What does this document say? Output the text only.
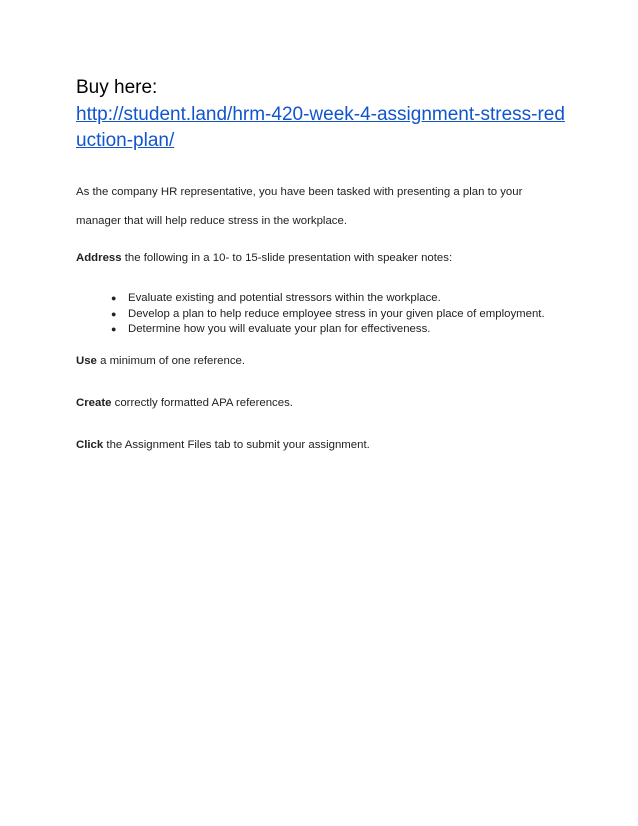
Buy here:
http://student.land/hrm-420-week-4-assignment-stress-reduction-plan/

As the company HR representative, you have been tasked with presenting a plan to your manager that will help reduce stress in the workplace.

Address the following in a 10- to 15-slide presentation with speaker notes:

● Evaluate existing and potential stressors within the workplace.
● Develop a plan to help reduce employee stress in your given place of employment.
● Determine how you will evaluate your plan for effectiveness.

Use a minimum of one reference.

Create correctly formatted APA references.

Click the Assignment Files tab to submit your assignment.
